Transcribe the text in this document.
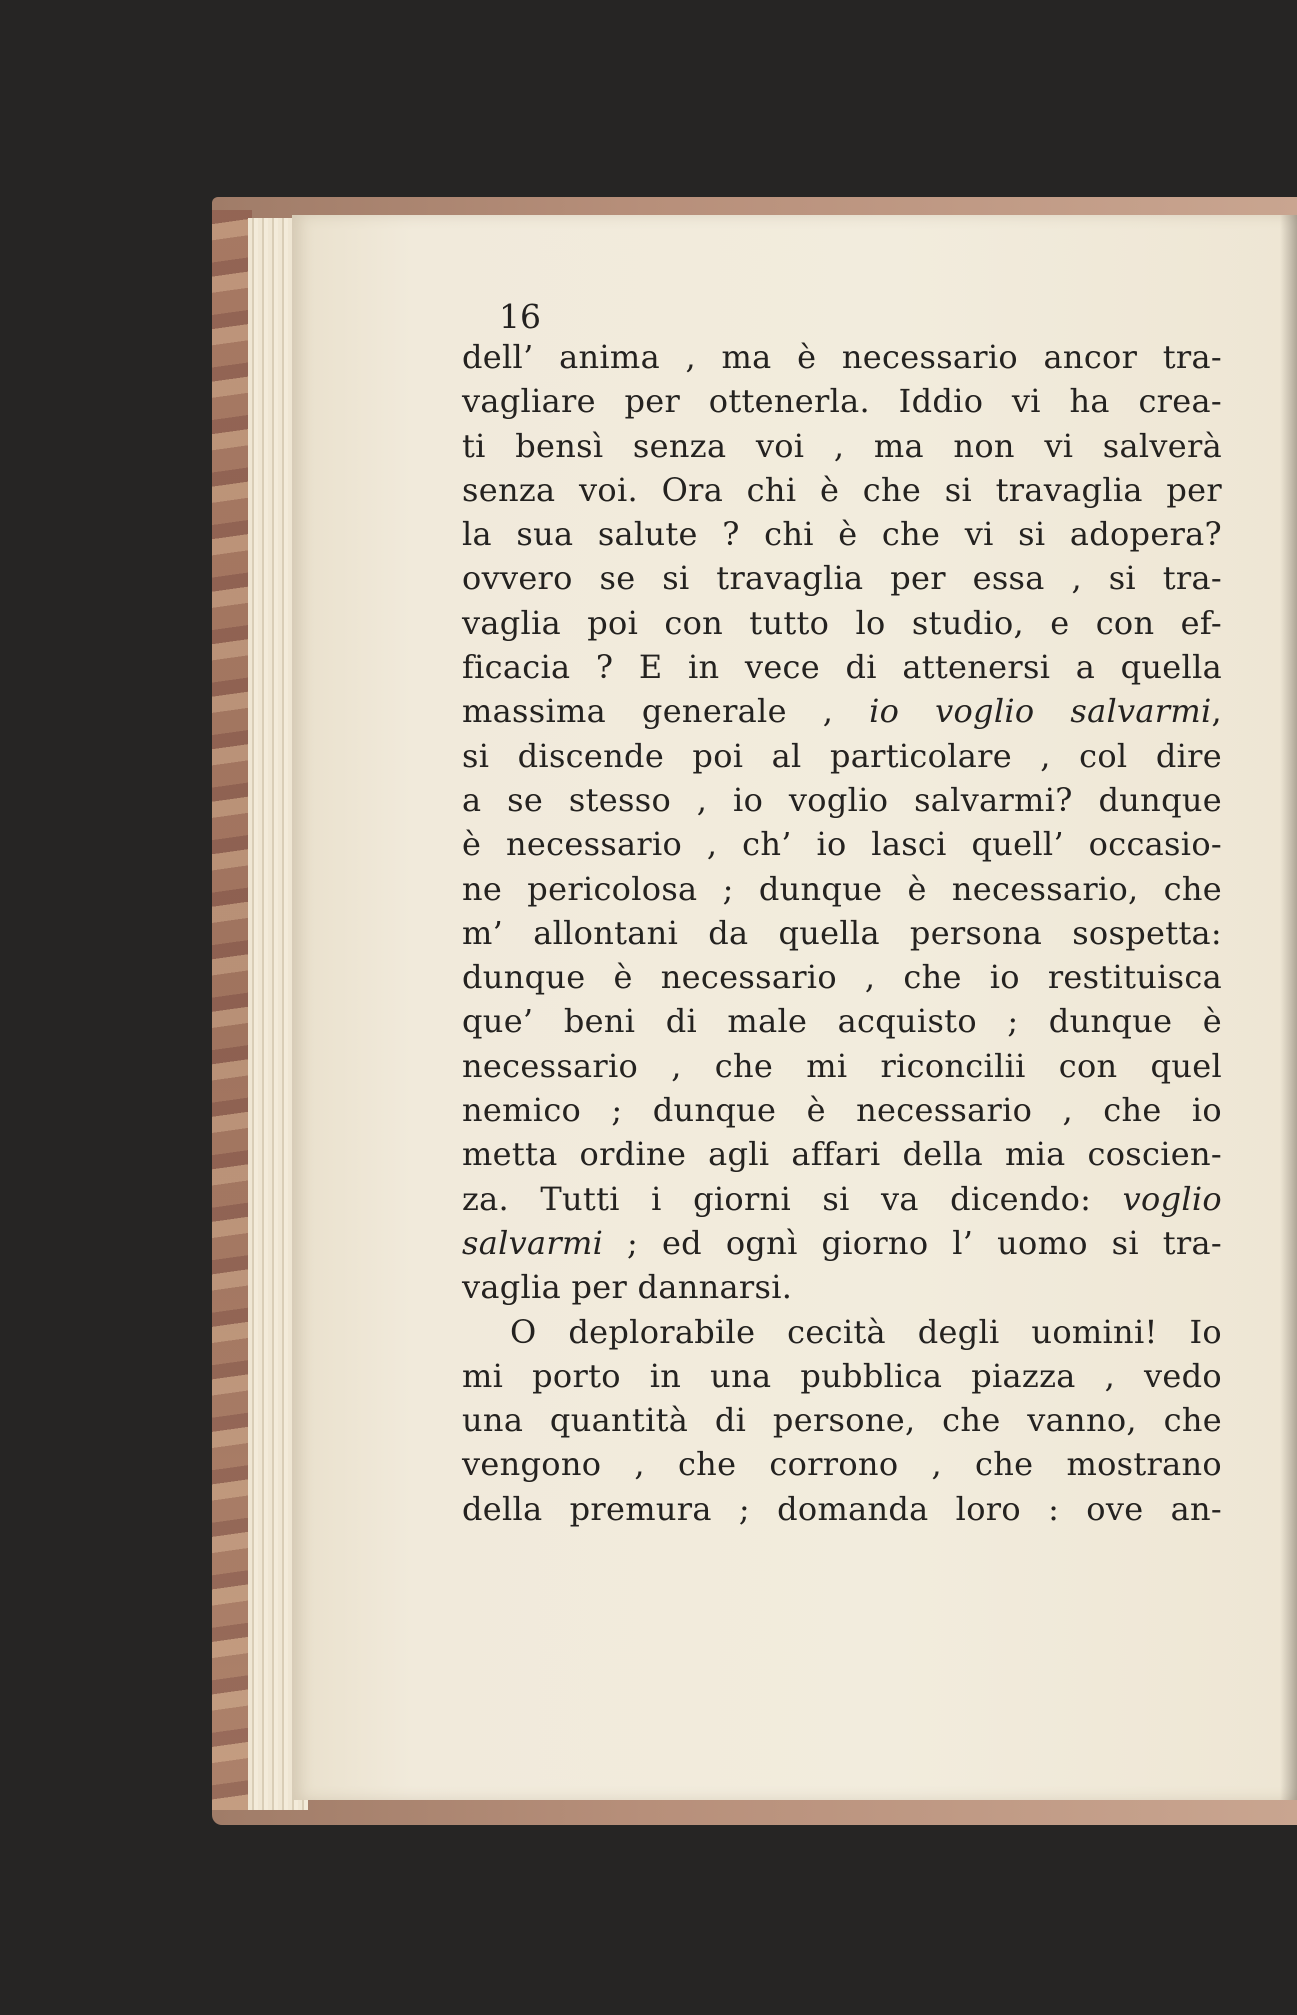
16

dell’ anima , ma è necessario ancor tra-
vagliare per ottenerla. Iddio vi ha crea-
ti bensì senza voi , ma non vi salverà
senza voi. Ora chi è che si travaglia per
la sua salute ? chi è che vi si adopera?
ovvero se si travaglia per essa , si tra-
vaglia poi con tutto lo studio, e con ef-
ficacia ? E in vece di attenersi a quella
massima generale , io voglio salvarmi,
si discende poi al particolare , col dire
a se stesso , io voglio salvarmi? dunque
è necessario , ch’ io lasci quell’ occasio-
ne pericolosa ; dunque è necessario, che
m’ allontani da quella persona sospetta:
dunque è necessario , che io restituisca
que’ beni di male acquisto ; dunque è
necessario , che mi riconcilii con quel
nemico ; dunque è necessario , che io
metta ordine agli affari della mia coscien-
za. Tutti i giorni si va dicendo: voglio
salvarmi ; ed ognì giorno l’ uomo si tra-
vaglia per dannarsi.
O deplorabile cecità degli uomini! Io
mi porto in una pubblica piazza , vedo
una quantità di persone, che vanno, che
vengono , che corrono , che mostrano
della premura ; domanda loro : ove an-
